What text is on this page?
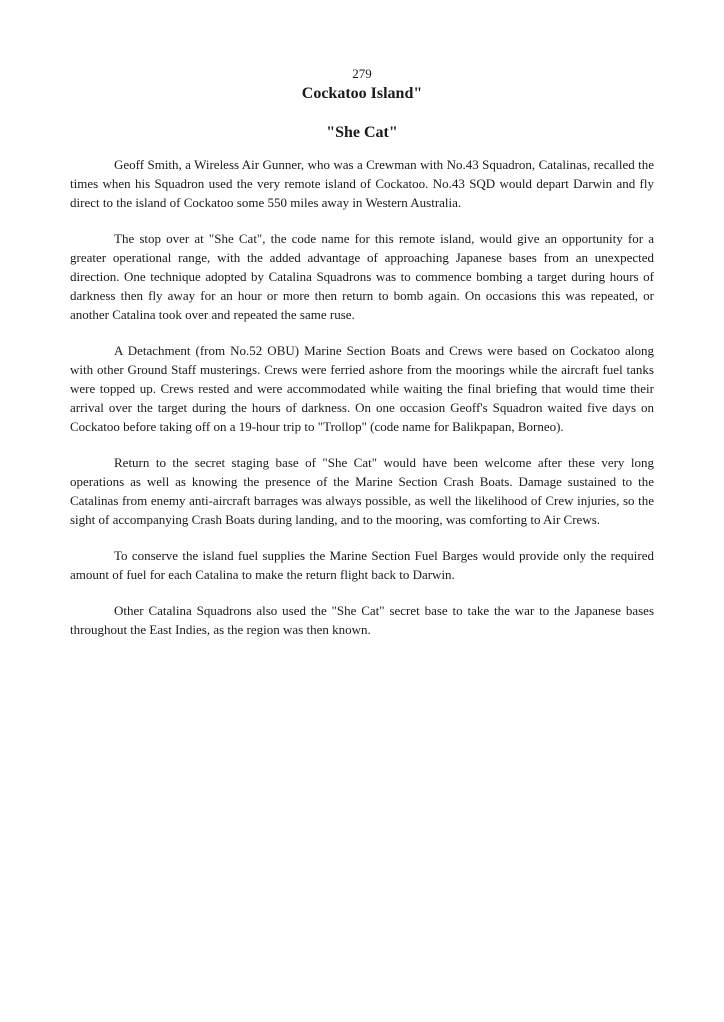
279

Cockatoo Island"
"She Cat"

Geoff Smith, a Wireless Air Gunner, who was a Crewman with No.43 Squadron, Catalinas, recalled the times when his Squadron used the very remote island of Cockatoo. No.43 SQD would depart Darwin and fly direct to the island of Cockatoo some 550 miles away in Western Australia.

The stop over at "She Cat", the code name for this remote island, would give an opportunity for a greater operational range, with the added advantage of approaching Japanese bases from an unexpected direction. One technique adopted by Catalina Squadrons was to commence bombing a target during hours of darkness then fly away for an hour or more then return to bomb again. On occasions this was repeated, or another Catalina took over and repeated the same ruse.

A Detachment (from No.52 OBU) Marine Section Boats and Crews were based on Cockatoo along with other Ground Staff musterings. Crews were ferried ashore from the moorings while the aircraft fuel tanks were topped up. Crews rested and were accommodated while waiting the final briefing that would time their arrival over the target during the hours of darkness. On one occasion Geoff's Squadron waited five days on Cockatoo before taking off on a 19-hour trip to "Trollop" (code name for Balikpapan, Borneo).

Return to the secret staging base of "She Cat" would have been welcome after these very long operations as well as knowing the presence of the Marine Section Crash Boats. Damage sustained to the Catalinas from enemy anti-aircraft barrages was always possible, as well the likelihood of Crew injuries, so the sight of accompanying Crash Boats during landing, and to the mooring, was comforting to Air Crews.

To conserve the island fuel supplies the Marine Section Fuel Barges would provide only the required amount of fuel for each Catalina to make the return flight back to Darwin.

Other Catalina Squadrons also used the "She Cat" secret base to take the war to the Japanese bases throughout the East Indies, as the region was then known.
